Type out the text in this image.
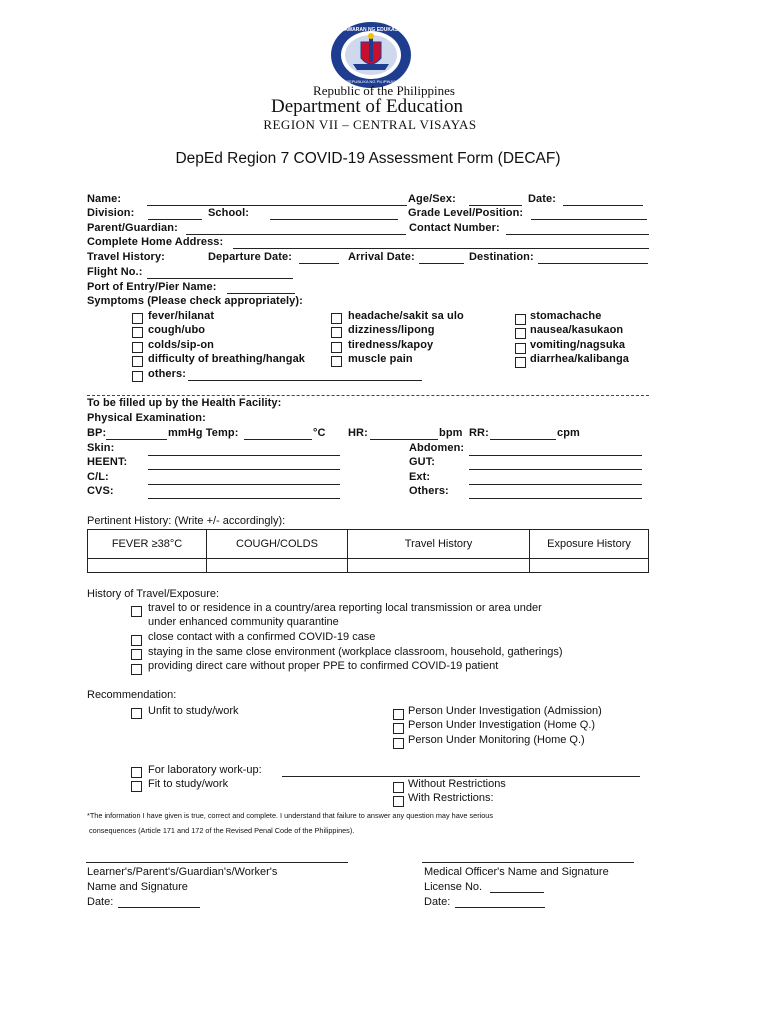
KAGAWARAN NG EDUKASYON
REPUBLIKA NG PILIPINAS
Republic of the Philippines
Department of Education
REGION VII – CENTRAL VISAYAS
DepEd Region 7 COVID-19 Assessment Form (DECAF)
Name:	Age/Sex:	Date:
Division:	School:	Grade Level/Position:
Parent/Guardian:	Contact Number:
Complete Home Address:
Travel History:	Departure Date:	Arrival Date:	Destination:
Flight No.:
Port of Entry/Pier Name:
Symptoms (Please check appropriately):
fever/hilanat
cough/ubo
colds/sip-on
difficulty of breathing/hangak
others:
headache/sakit sa ulo
dizziness/lipong
tiredness/kapoy
muscle pain
stomachache
nausea/kasukaon
vomiting/nagsuka
diarrhea/kalibanga
To be filled up by the Health Facility:
Physical Examination:
BP:	mmHg Temp:	°C HR:	bpm RR:	cpm
Skin:
HEENT:
C/L:
CVS:
Abdomen:
GUT:
Ext:
Others:
Pertinent History: (Write +/- accordingly):
FEVER ≥38°C	COUGH/COLDS	Travel History	Exposure History

History of Travel/Exposure:
travel to or residence in a country/area reporting local transmission or area under
under enhanced community quarantine
close contact with a confirmed COVID-19 case
staying in the same close environment (workplace classroom, household, gatherings)
providing direct care without proper PPE to confirmed COVID-19 patient
Recommendation:
Unfit to study/work	Person Under Investigation (Admission)
Person Under Investigation (Home Q.)
Person Under Monitoring (Home Q.)
For laboratory work-up:
Fit to study/work	Without Restrictions
With Restrictions:
*The information I have given is true, correct and complete. I understand that failure to answer any question may have serious
consequences (Article 171 and 172 of the Revised Penal Code of the Philippines).
Learner's/Parent's/Guardian's/Worker's
Name and Signature
Date:
Medical Officer's Name and Signature
License No.
Date:
